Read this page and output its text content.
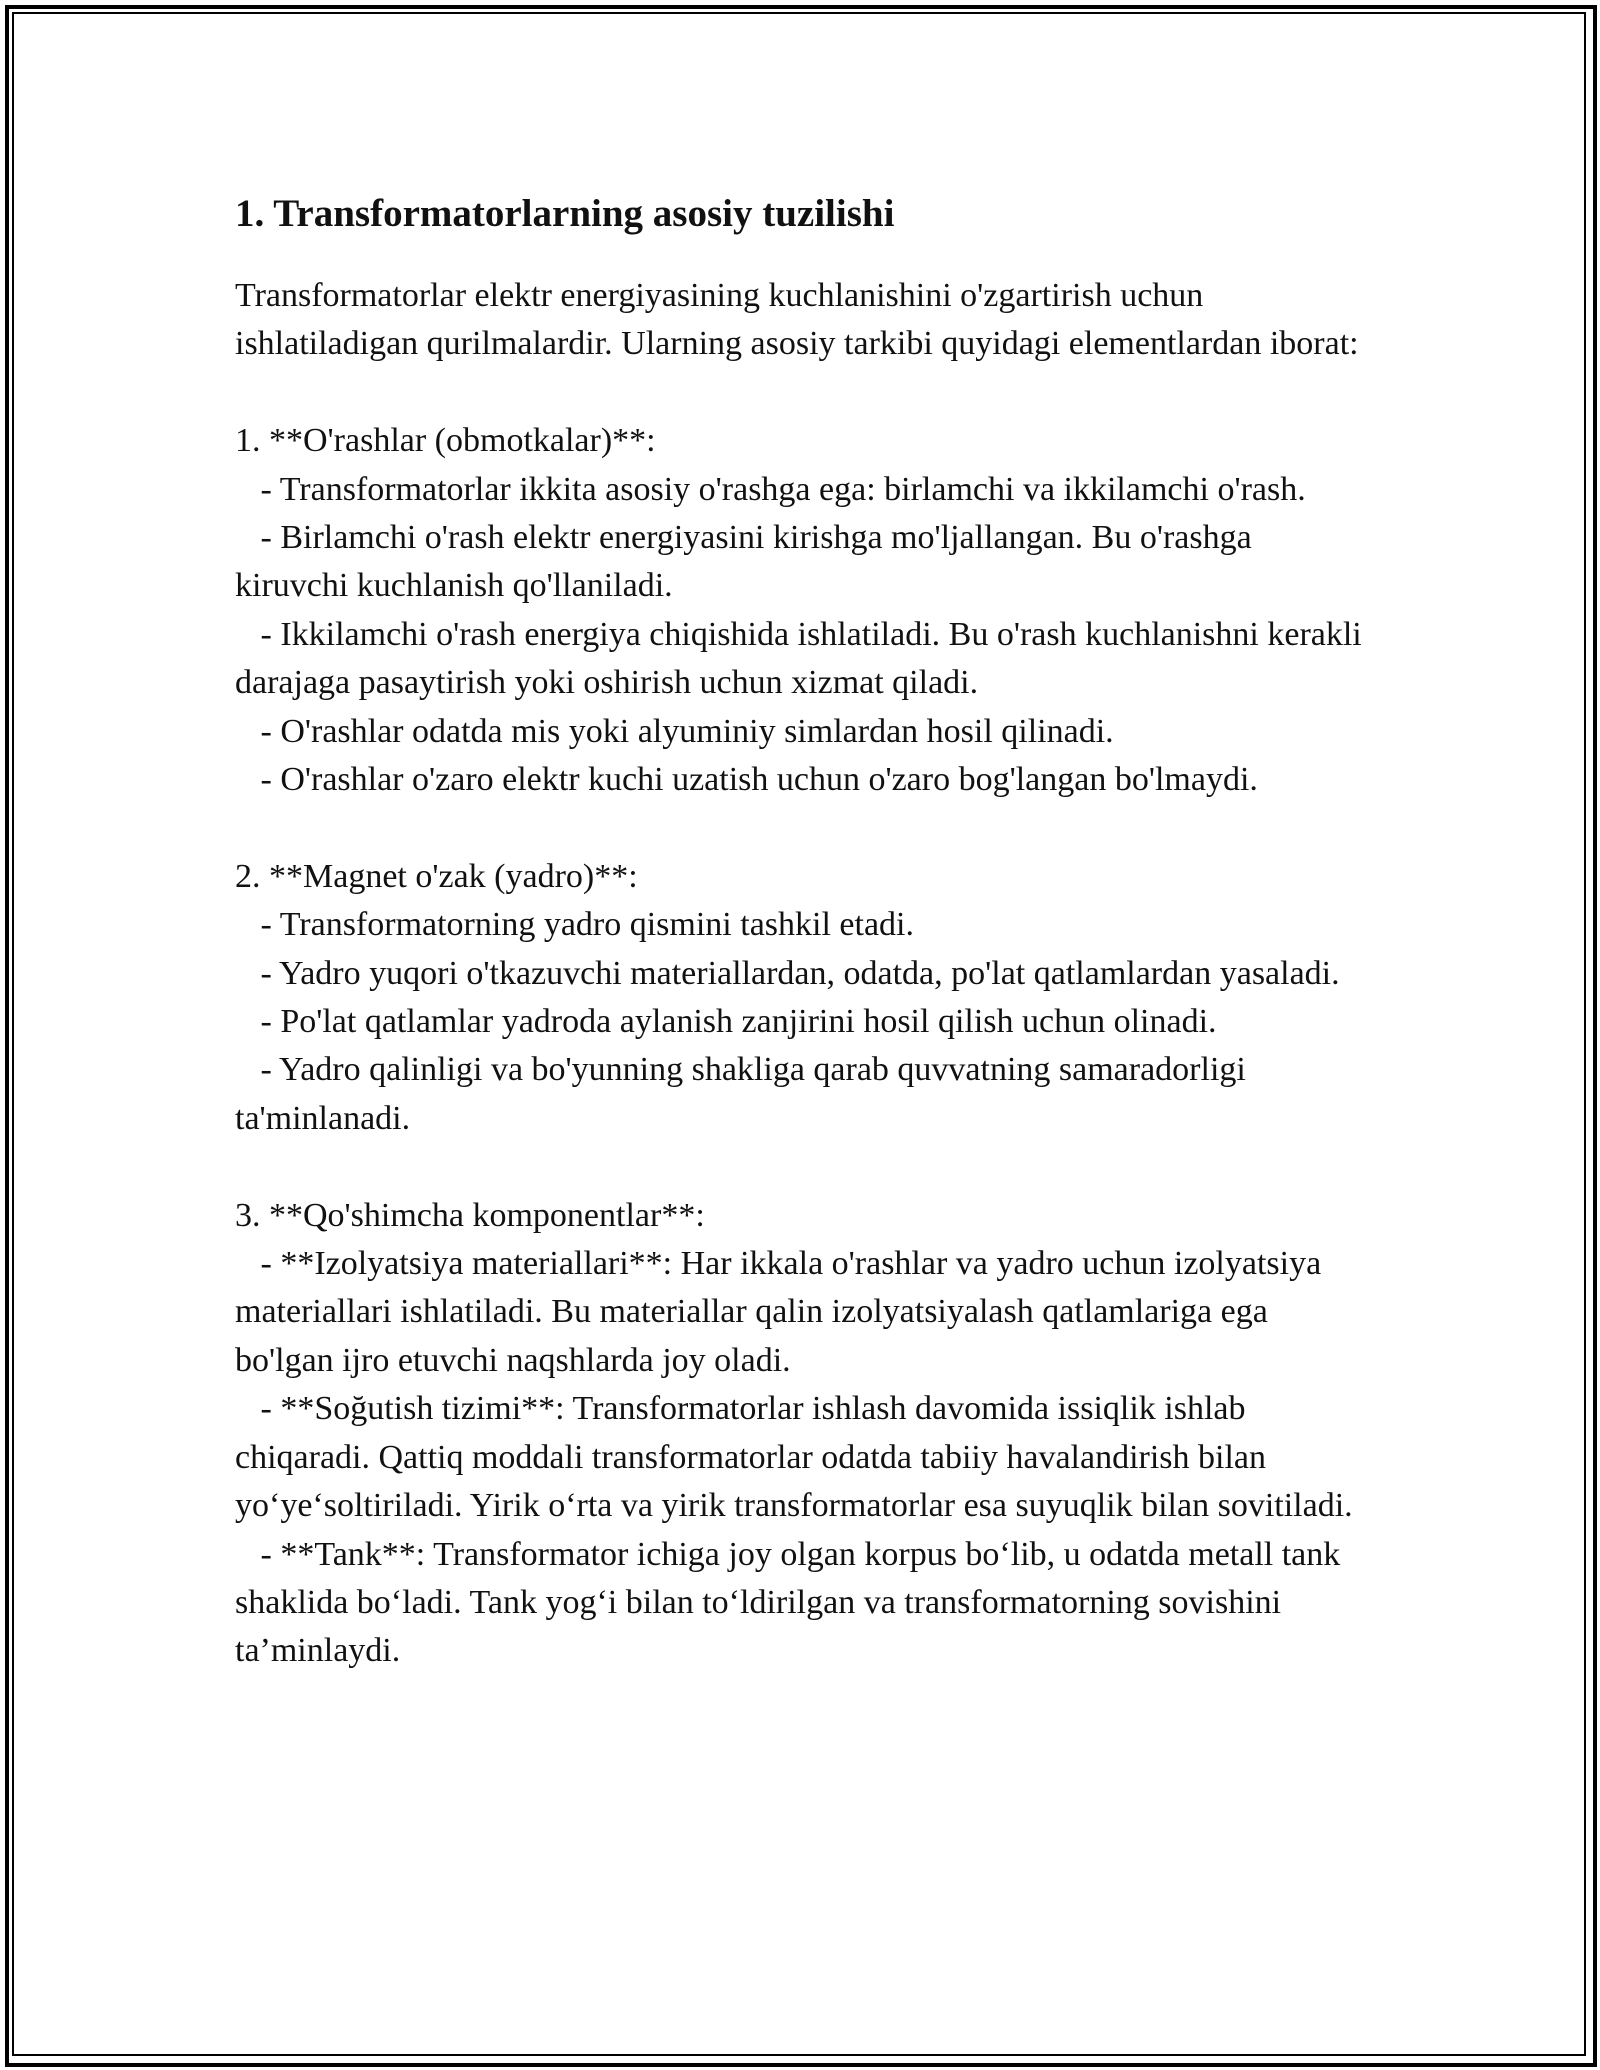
1. Transformatorlarning asosiy tuzilishi

Transformatorlar elektr energiyasining kuchlanishini o'zgartirish uchun ishlatiladigan qurilmalardir. Ularning asosiy tarkibi quyidagi elementlardan iborat:

1. **O'rashlar (obmotkalar)**:

- Transformatorlar ikkita asosiy o'rashga ega: birlamchi va ikkilamchi o'rash.

- Birlamchi o'rash elektr energiyasini kirishga mo'ljallangan. Bu o'rashga kiruvchi kuchlanish qo'llaniladi.

- Ikkilamchi o'rash energiya chiqishida ishlatiladi. Bu o'rash kuchlanishni kerakli darajaga pasaytirish yoki oshirish uchun xizmat qiladi.

- O'rashlar odatda mis yoki alyuminiy simlardan hosil qilinadi.

- O'rashlar o'zaro elektr kuchi uzatish uchun o'zaro bog'langan bo'lmaydi.

2. **Magnet o'zak (yadro)**:

- Transformatorning yadro qismini tashkil etadi.

- Yadro yuqori o'tkazuvchi materiallardan, odatda, po'lat qatlamlardan yasaladi.

- Po'lat qatlamlar yadroda aylanish zanjirini hosil qilish uchun olinadi.

- Yadro qalinligi va bo'yunning shakliga qarab quvvatning samaradorligi ta'minlanadi.

3. **Qo'shimcha komponentlar**:

- **Izolyatsiya materiallari**: Har ikkala o'rashlar va yadro uchun izolyatsiya materiallari ishlatiladi. Bu materiallar qalin izolyatsiyalash qatlamlariga ega bo'lgan ijro etuvchi naqshlarda joy oladi.

- **Soğutish tizimi**: Transformatorlar ishlash davomida issiqlik ishlab chiqaradi. Qattiq moddali transformatorlar odatda tabiiy havalandirish bilan yo‘ye‘soltiriladi. Yirik o‘rta va yirik transformatorlar esa suyuqlik bilan sovitiladi.

- **Tank**: Transformator ichiga joy olgan korpus bo‘lib, u odatda metall tank shaklida bo‘ladi. Tank yog‘i bilan to‘ldirilgan va transformatorning sovishini ta’minlaydi.
